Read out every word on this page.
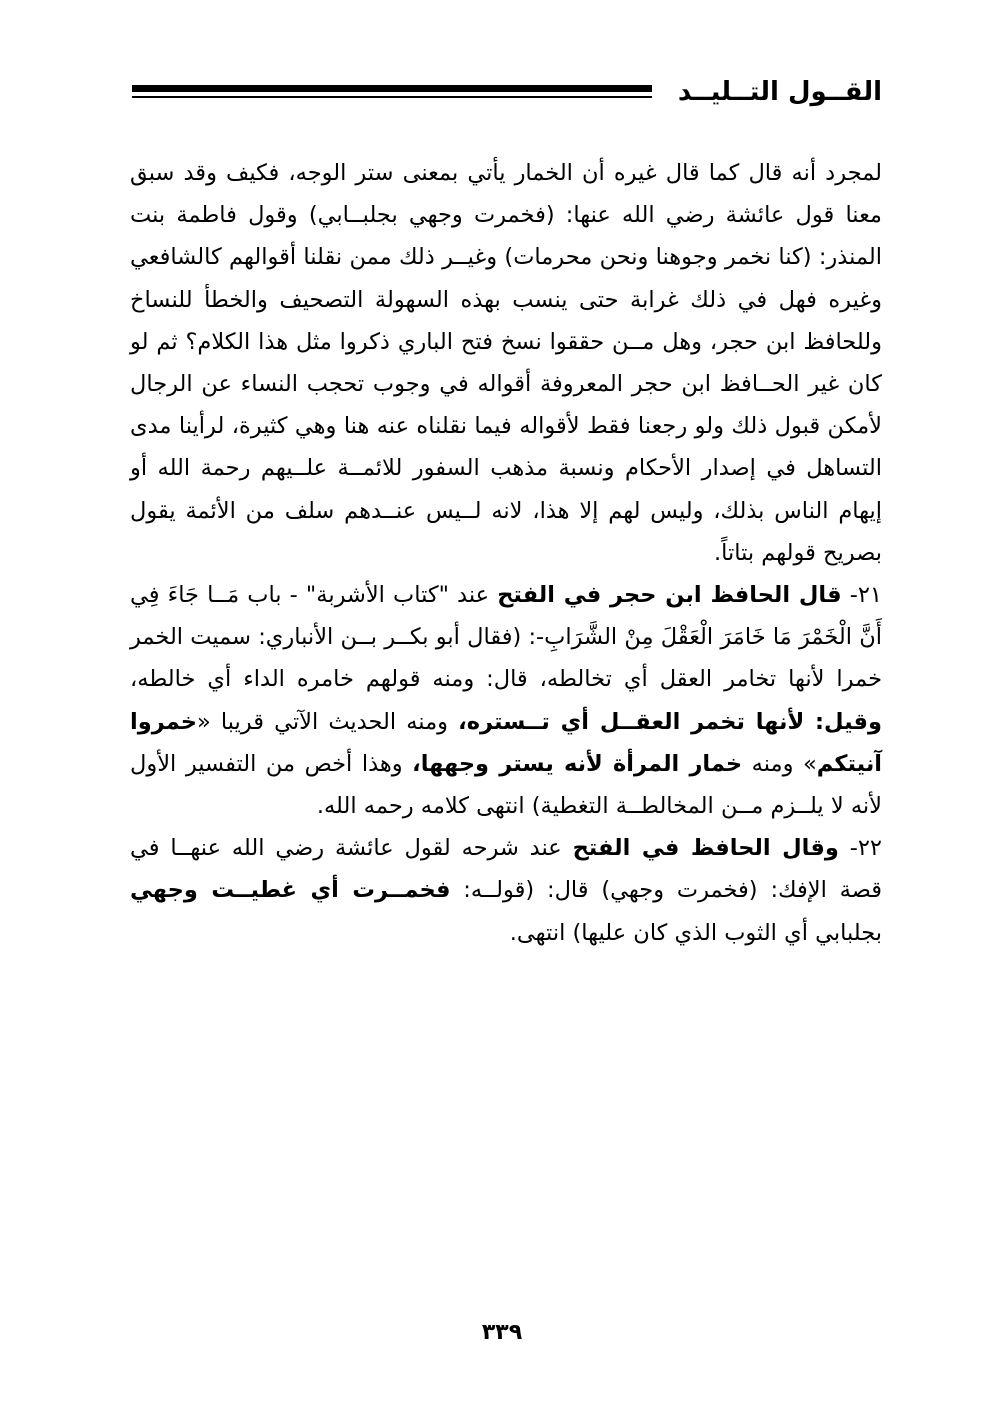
القــول التــليــد

لمجرد أنه قال كما قال غيره أن الخمار يأتي بمعنى ستر الوجه، فكيف وقد سبق معنا قول عائشة رضي الله عنها: (فخمرت وجهي بجلبــابي) وقول فاطمة بنت المنذر: (كنا نخمر وجوهنا ونحن محرمات) وغيــر ذلك ممن نقلنا أقوالهم كالشافعي وغيره فهل في ذلك غرابة حتى ينسب بهذه السهولة التصحيف والخطأ للنساخ وللحافظ ابن حجر، وهل مــن حققوا نسخ فتح الباري ذكروا مثل هذا الكلام؟ ثم لو كان غير الحــافظ ابن حجر المعروفة أقواله في وجوب تحجب النساء عن الرجال لأمكن قبول ذلك ولو رجعنا فقط لأقواله فيما نقلناه عنه هنا وهي كثيرة، لرأينا مدى التساهل في إصدار الأحكام ونسبة مذهب السفور للائمــة علــيهم رحمة الله أو إيهام الناس بذلك، وليس لهم إلا هذا، لانه لــيس عنــدهم سلف من الأئمة يقول بصريح قولهم بتاتاً.

٢١- قال الحافظ ابن حجر في الفتح عند "كتاب الأشربة" - باب مَــا جَاءَ فِي أَنَّ الْخَمْرَ مَا خَامَرَ الْعَقْلَ مِنْ الشَّرَابِ-: (فقال أبو بكــر بــن الأنباري: سميت الخمر خمرا لأنها تخامر العقل أي تخالطه، قال: ومنه قولهم خامره الداء أي خالطه، وقيل: لأنها تخمر العقــل أي تــستره، ومنه الحديث الآتي قريبا «خمروا آنيتكم» ومنه خمار المرأة لأنه يستر وجهها، وهذا أخص من التفسير الأول لأنه لا يلــزم مــن المخالطــة التغطية) انتهى كلامه رحمه الله.

٢٢- وقال الحافظ في الفتح عند شرحه لقول عائشة رضي الله عنهــا في قصة الإفك: (فخمرت وجهي) قال: (قولــه: فخمــرت أي غطيــت وجهي بجلبابي أي الثوب الذي كان عليها) انتهى.

٣٣٩
